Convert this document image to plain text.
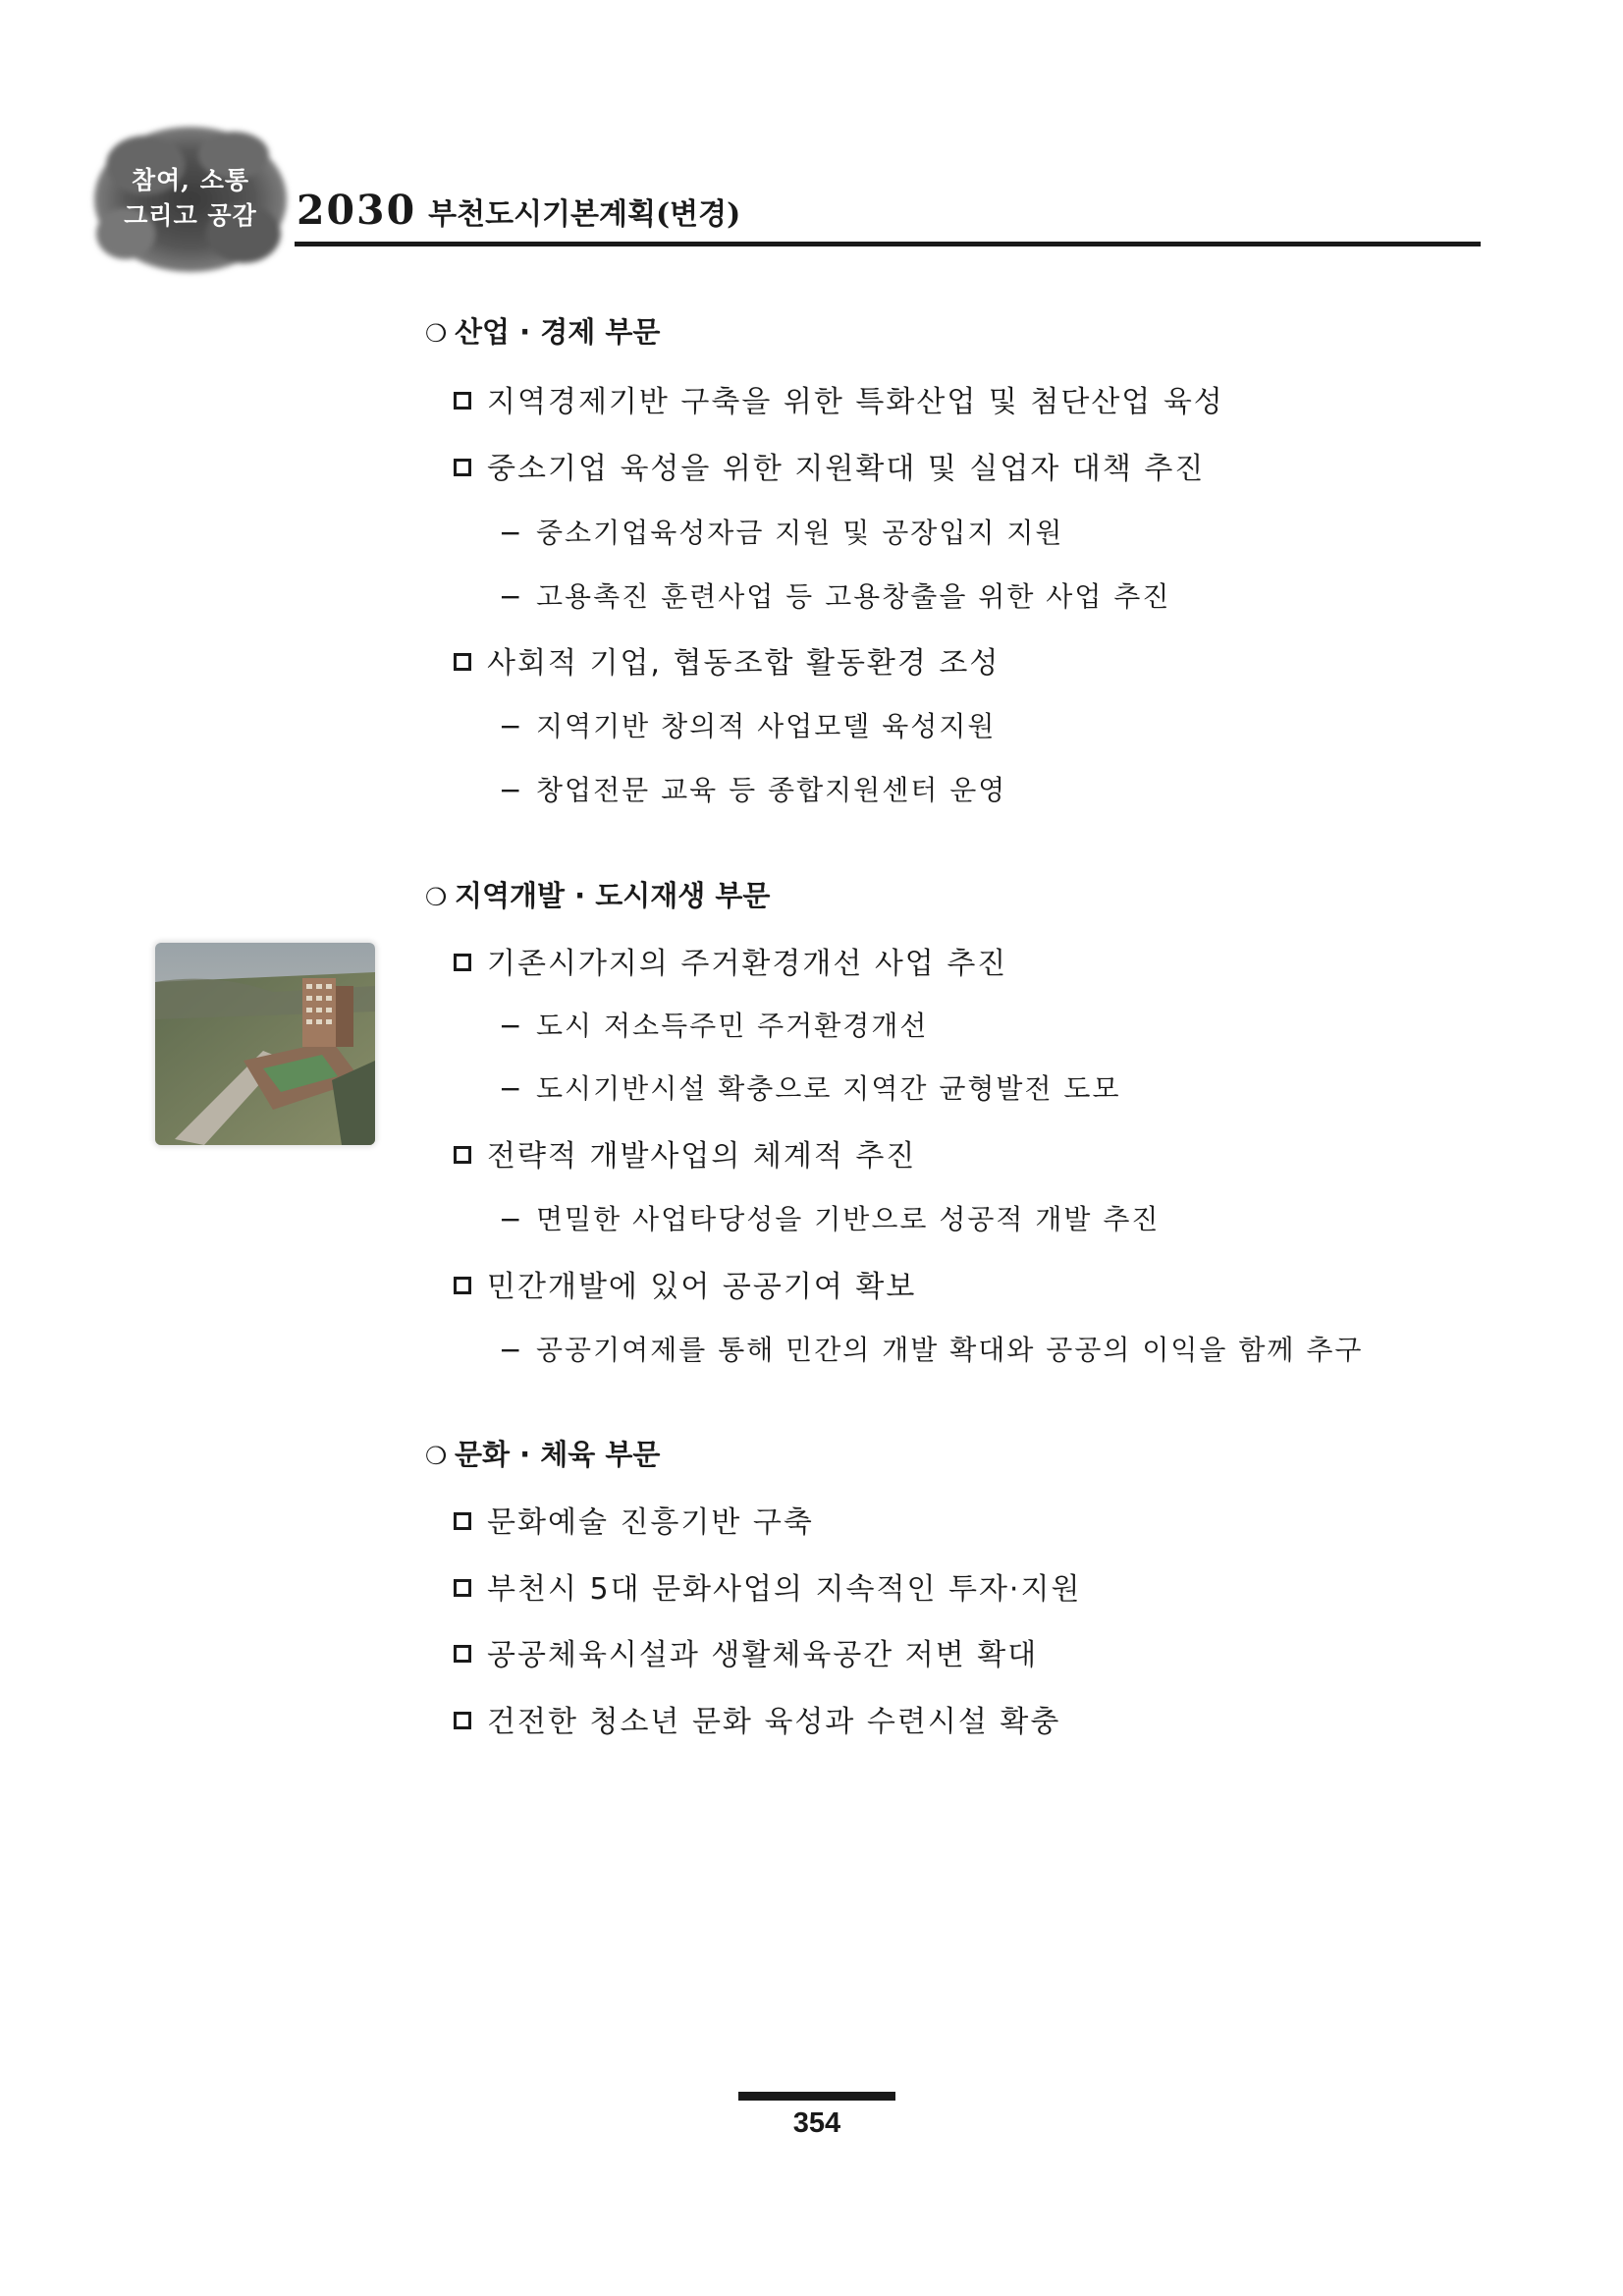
참여, 소통
그리고 공감 2030 부천도시기본계획(변경)
❍ 산업 · 경제 부문
지역경제기반 구축을 위한 특화산업 및 첨단산업 육성
중소기업 육성을 위한 지원확대 및 실업자 대책 추진
− 중소기업육성자금 지원 및 공장입지 지원
− 고용촉진 훈련사업 등 고용창출을 위한 사업 추진
사회적 기업, 협동조합 활동환경 조성
− 지역기반 창의적 사업모델 육성지원
− 창업전문 교육 등 종합지원센터 운영
❍ 지역개발 · 도시재생 부문
기존시가지의 주거환경개선 사업 추진
− 도시 저소득주민 주거환경개선
− 도시기반시설 확충으로 지역간 균형발전 도모
전략적 개발사업의 체계적 추진
− 면밀한 사업타당성을 기반으로 성공적 개발 추진
민간개발에 있어 공공기여 확보
− 공공기여제를 통해 민간의 개발 확대와 공공의 이익을 함께 추구
❍ 문화 · 체육 부문
문화예술 진흥기반 구축
부천시 5대 문화사업의 지속적인 투자·지원
공공체육시설과 생활체육공간 저변 확대
건전한 청소년 문화 육성과 수련시설 확충
354
